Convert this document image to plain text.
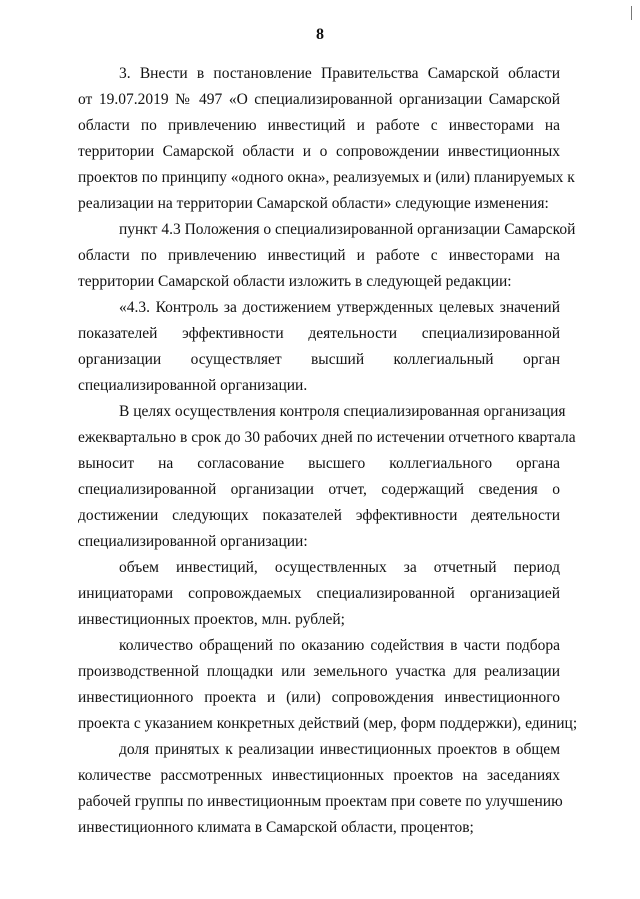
8
3. Внести в постановление Правительства Самарской области
от 19.07.2019 № 497 «О специализированной организации Самарской
области по привлечению инвестиций и работе с инвесторами на
территории Самарской области и о сопровождении инвестиционных
проектов по принципу «одного окна», реализуемых и (или) планируемых к
реализации на территории Самарской области» следующие изменения:
пункт 4.3 Положения о специализированной организации Самарской
области по привлечению инвестиций и работе с инвесторами на
территории Самарской области изложить в следующей редакции:
«4.3. Контроль за достижением утвержденных целевых значений
показателей эффективности деятельности специализированной
организации осуществляет высший коллегиальный орган
специализированной организации.
В целях осуществления контроля специализированная организация
ежеквартально в срок до 30 рабочих дней по истечении отчетного квартала
выносит на согласование высшего коллегиального органа
специализированной организации отчет, содержащий сведения о
достижении следующих показателей эффективности деятельности
специализированной организации:
объем инвестиций, осуществленных за отчетный период
инициаторами сопровождаемых специализированной организацией
инвестиционных проектов, млн. рублей;
количество обращений по оказанию содействия в части подбора
производственной площадки или земельного участка для реализации
инвестиционного проекта и (или) сопровождения инвестиционного
проекта с указанием конкретных действий (мер, форм поддержки), единиц;
доля принятых к реализации инвестиционных проектов в общем
количестве рассмотренных инвестиционных проектов на заседаниях
рабочей группы по инвестиционным проектам при совете по улучшению
инвестиционного климата в Самарской области, процентов;
